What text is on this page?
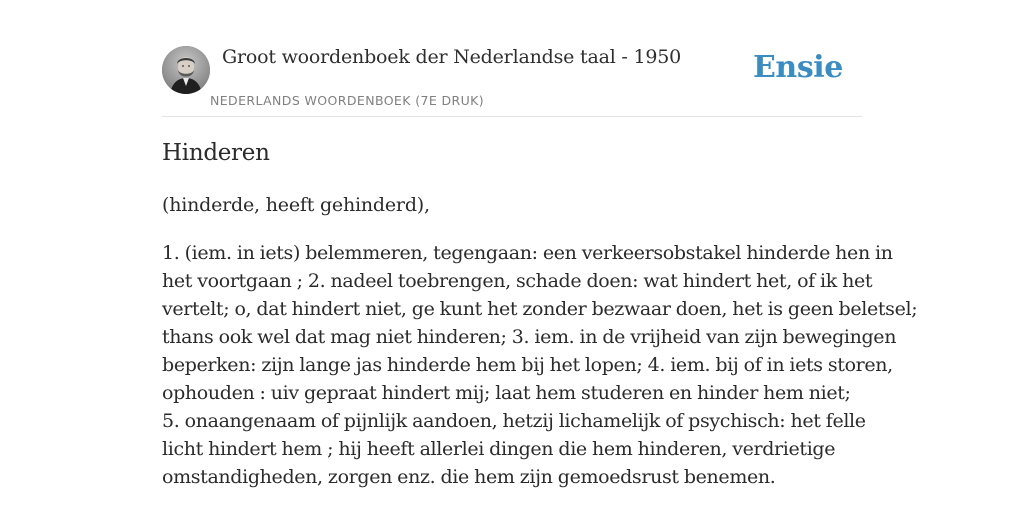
Groot woordenboek der Nederlandse taal - 1950
NEDERLANDS WOORDENBOEK (7E DRUK)
Ensie
Hinderen

(hinderde, heeft gehinderd),

1. (iem. in iets) belemmeren, tegengaan: een verkeersobstakel hinderde hen in
het voortgaan ; 2. nadeel toebrengen, schade doen: wat hindert het, of ik het
vertelt; o, dat hindert niet, ge kunt het zonder bezwaar doen, het is geen beletsel;
thans ook wel dat mag niet hinderen; 3. iem. in de vrijheid van zijn bewegingen
beperken: zijn lange jas hinderde hem bij het lopen; 4. iem. bij of in iets storen,
ophouden : uiv gepraat hindert mij; laat hem studeren en hinder hem niet;
5. onaangenaam of pijnlijk aandoen, hetzij lichamelijk of psychisch: het felle
licht hindert hem ; hij heeft allerlei dingen die hem hinderen, verdrietige
omstandigheden, zorgen enz. die hem zijn gemoedsrust benemen.
